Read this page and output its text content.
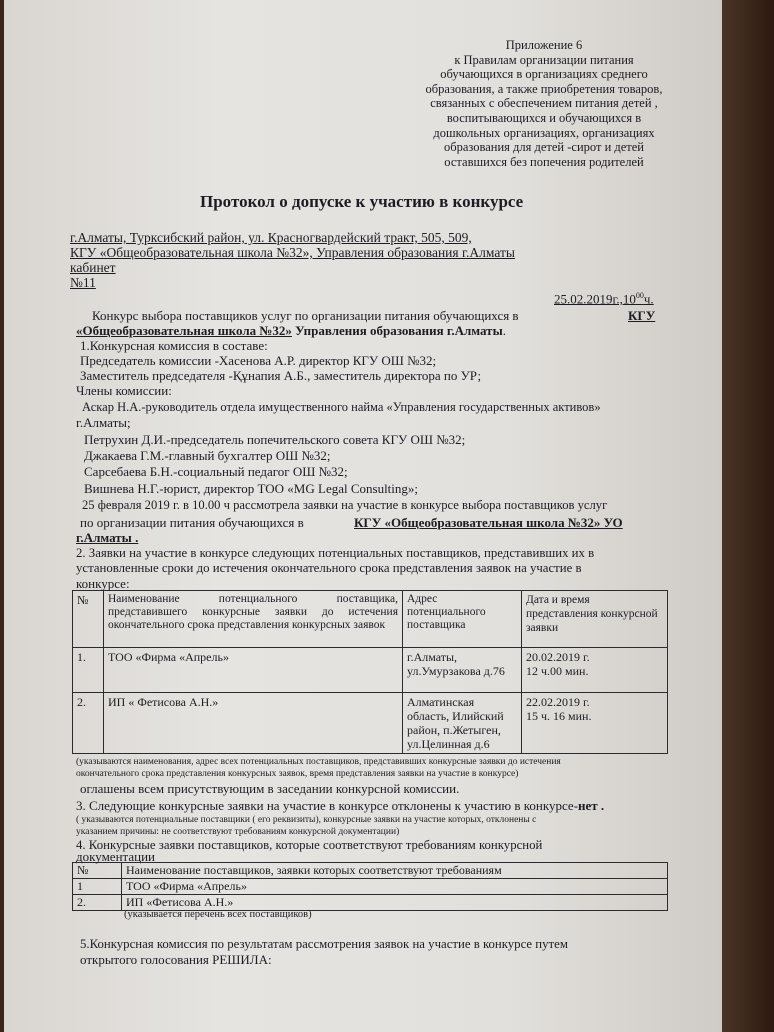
Приложение 6
к Правилам организации питания
обучающихся в организациях среднего
образования, а также приобретения товаров,
связанных с обеспечением питания детей ,
воспитывающихся и обучающихся в
дошкольных организациях, организациях
образования для детей -сирот и детей
оставшихся без попечения родителей
Протокол о допуске к участию в конкурсе
г.Алматы, Турксибский район, ул. Красногвардейский тракт, 505, 509,
КГУ «Общеобразовательная школа №32», Управления образования г.Алматы
кабинет
№11
25.02.2019г.,10$^{00}$ч.
Конкурс выбора поставщиков услуг по организации питания обучающихся в	КГУ
«Общеобразовательная школа №32» Управления образования г.Алматы.
1.Конкурсная комиссия в составе:
Председатель комиссии -Хасенова А.Р. директор КГУ ОШ №32;
Заместитель председателя -Құнапия А.Б., заместитель директора по УР;
Члены комиссии:
Аскар Н.А.-руководитель отдела имущественного найма «Управления государственных активов»
г.Алматы;
Петрухин Д.И.-председатель попечительского совета КГУ ОШ №32;
Джакаева Г.М.-главный бухгалтер ОШ №32;
Сарсебаева Б.Н.-социальный педагог ОШ №32;
Вишнева Н.Г.-юрист, директор ТОО «MG Legal Consulting»;
25 февраля 2019 г. в 10.00 ч рассмотрела заявки на участие в конкурсе выбора поставщиков услуг
по организации питания обучающихся в	КГУ «Общеобразовательная школа №32» УО
г.Алматы .
2. Заявки на участие в конкурсе следующих потенциальных поставщиков, представивших их в
установленные сроки до истечения окончательного срока представления заявок на участие в
конкурсе:
№	Наименование потенциального поставщика, представившего конкурсные заявки до истечения окончательного срока представления конкурсных заявок	Адрес потенциального поставщика	Дата и время представления конкурсной заявки
1.	ТОО «Фирма «Апрель»	г.Алматы, ул.Умурзакова д.76	20.02.2019 г.
12 ч.00 мин.

2.	ИП « Фетисова А.Н.»	Алматинская область, Илийский район, п.Жетыген, ул.Целинная д.6	22.02.2019 г.
15 ч. 16 мин.
(указываются наименования, адрес всех потенциальных поставщиков, представивших конкурсные заявки до истечения
окончательного срока представления конкурсных заявок, время представления заявки на участие в конкурсе)
оглашены всем присутствующим в заседании конкурсной комиссии.
3. Следующие конкурсные заявки на участие в конкурсе отклонены к участию в конкурсе-нет .
( указываются потенциальные поставщики ( его реквизиты), конкурсные заявки на участие которых, отклонены с
указанием причины: не соответствуют требованиям конкурсной документации)
4. Конкурсные заявки поставщиков, которые соответствуют требованиям конкурсной
документации
№	Наименование поставщиков, заявки которых соответствуют требованиям
1	ТОО «Фирма «Апрель»
2.	ИП «Фетисова А.Н.»
(указывается перечень всех поставщиков)
5.Конкурсная комиссия по результатам рассмотрения заявок на участие в конкурсе путем
открытого голосования РЕШИЛА:
